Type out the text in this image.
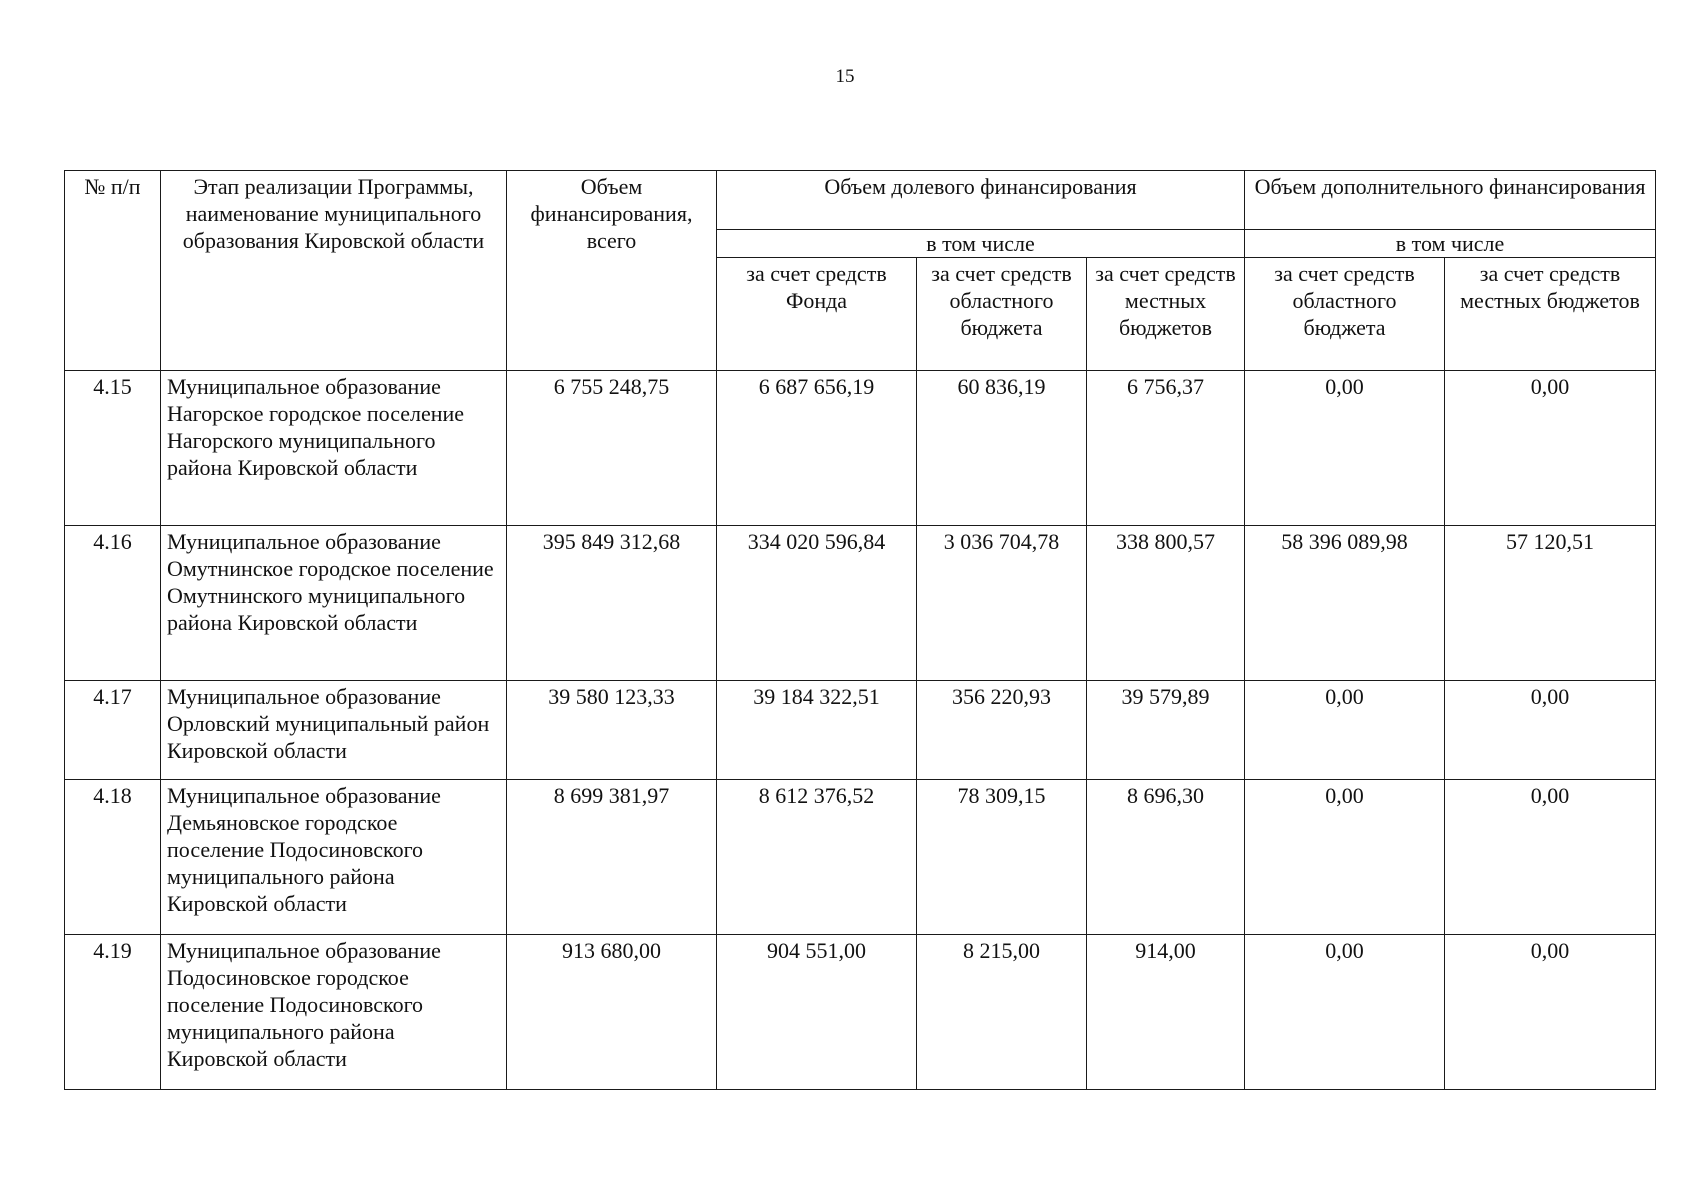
15
№ п/п	Этап реализации Программы, наименование муниципального образования Кировской области	Объем финансирования, всего	Объем долевого финансирования			Объем дополнительного финансирования	
			в том числе			в том числе	
			за счет средств Фонда	за счет средств областного бюджета	за счет средств местных бюджетов	за счет средств областного бюджета	за счет средств местных бюджетов
4.15	Муниципальное образование Нагорское городское поселение Нагорского муниципального района Кировской области	6 755 248,75	6 687 656,19	60 836,19	6 756,37	0,00	0,00
4.16	Муниципальное образование Омутнинское городское поселение Омутнинского муниципального района Кировской области	395 849 312,68	334 020 596,84	3 036 704,78	338 800,57	58 396 089,98	57 120,51
4.17	Муниципальное образование Орловский муниципальный район Кировской области	39 580 123,33	39 184 322,51	356 220,93	39 579,89	0,00	0,00
4.18	Муниципальное образование Демьяновское городское поселение Подосиновского муниципального района Кировской области	8 699 381,97	8 612 376,52	78 309,15	8 696,30	0,00	0,00
4.19	Муниципальное образование Подосиновское городское поселение Подосиновского муниципального района Кировской области	913 680,00	904 551,00	8 215,00	914,00	0,00	0,00
